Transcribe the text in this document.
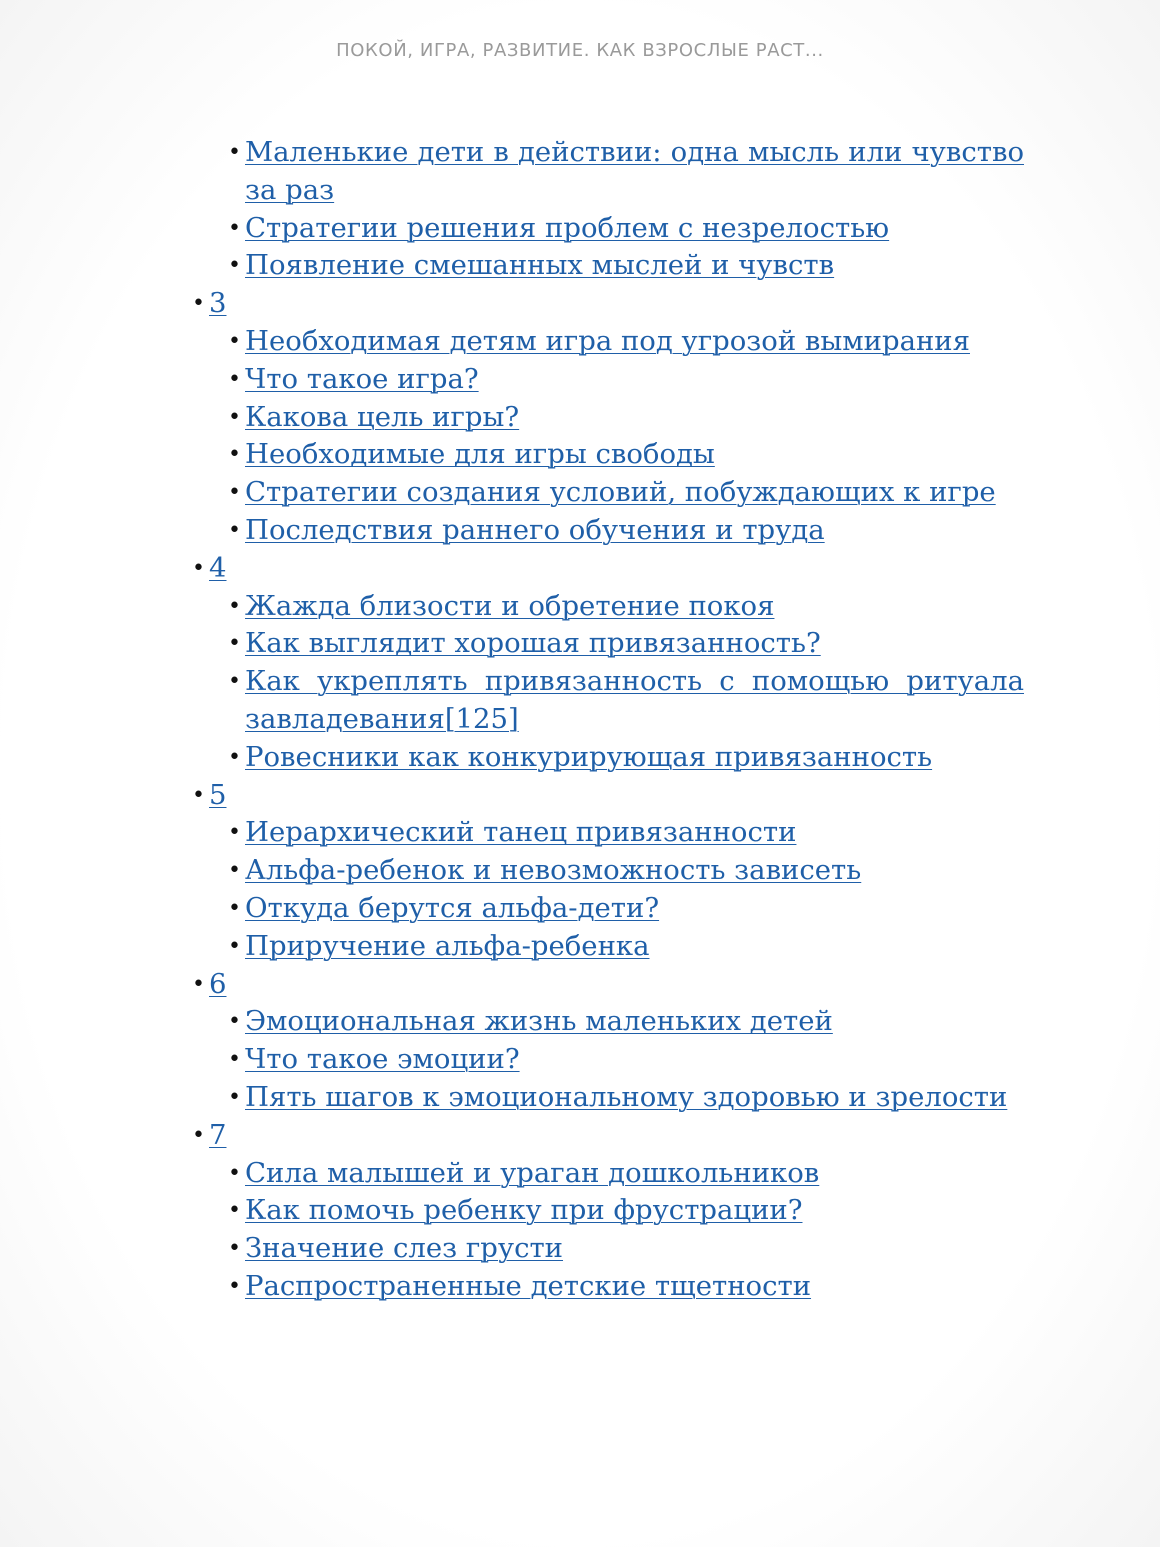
ПОКОЙ, ИГРА, РАЗВИТИЕ. КАК ВЗРОСЛЫЕ РАСТ...
• Маленькие дети в действии: одна мысль или чувство за раз
• Стратегии решения проблем с незрелостью
• Появление смешанных мыслей и чувств
• 3
• Необходимая детям игра под угрозой вымирания
• Что такое игра?
• Какова цель игры?
• Необходимые для игры свободы
• Стратегии создания условий, побуждающих к игре
• Последствия раннего обучения и труда
• 4
• Жажда близости и обретение покоя
• Как выглядит хорошая привязанность?
• Как укреплять привязанность с помощью ритуала завладевания[125]
• Ровесники как конкурирующая привязанность
• 5
• Иерархический танец привязанности
• Альфа-ребенок и невозможность зависеть
• Откуда берутся альфа-дети?
• Приручение альфа-ребенка
• 6
• Эмоциональная жизнь маленьких детей
• Что такое эмоции?
• Пять шагов к эмоциональному здоровью и зрелости
• 7
• Сила малышей и ураган дошкольников
• Как помочь ребенку при фрустрации?
• Значение слез грусти
• Распространенные детские тщетности
